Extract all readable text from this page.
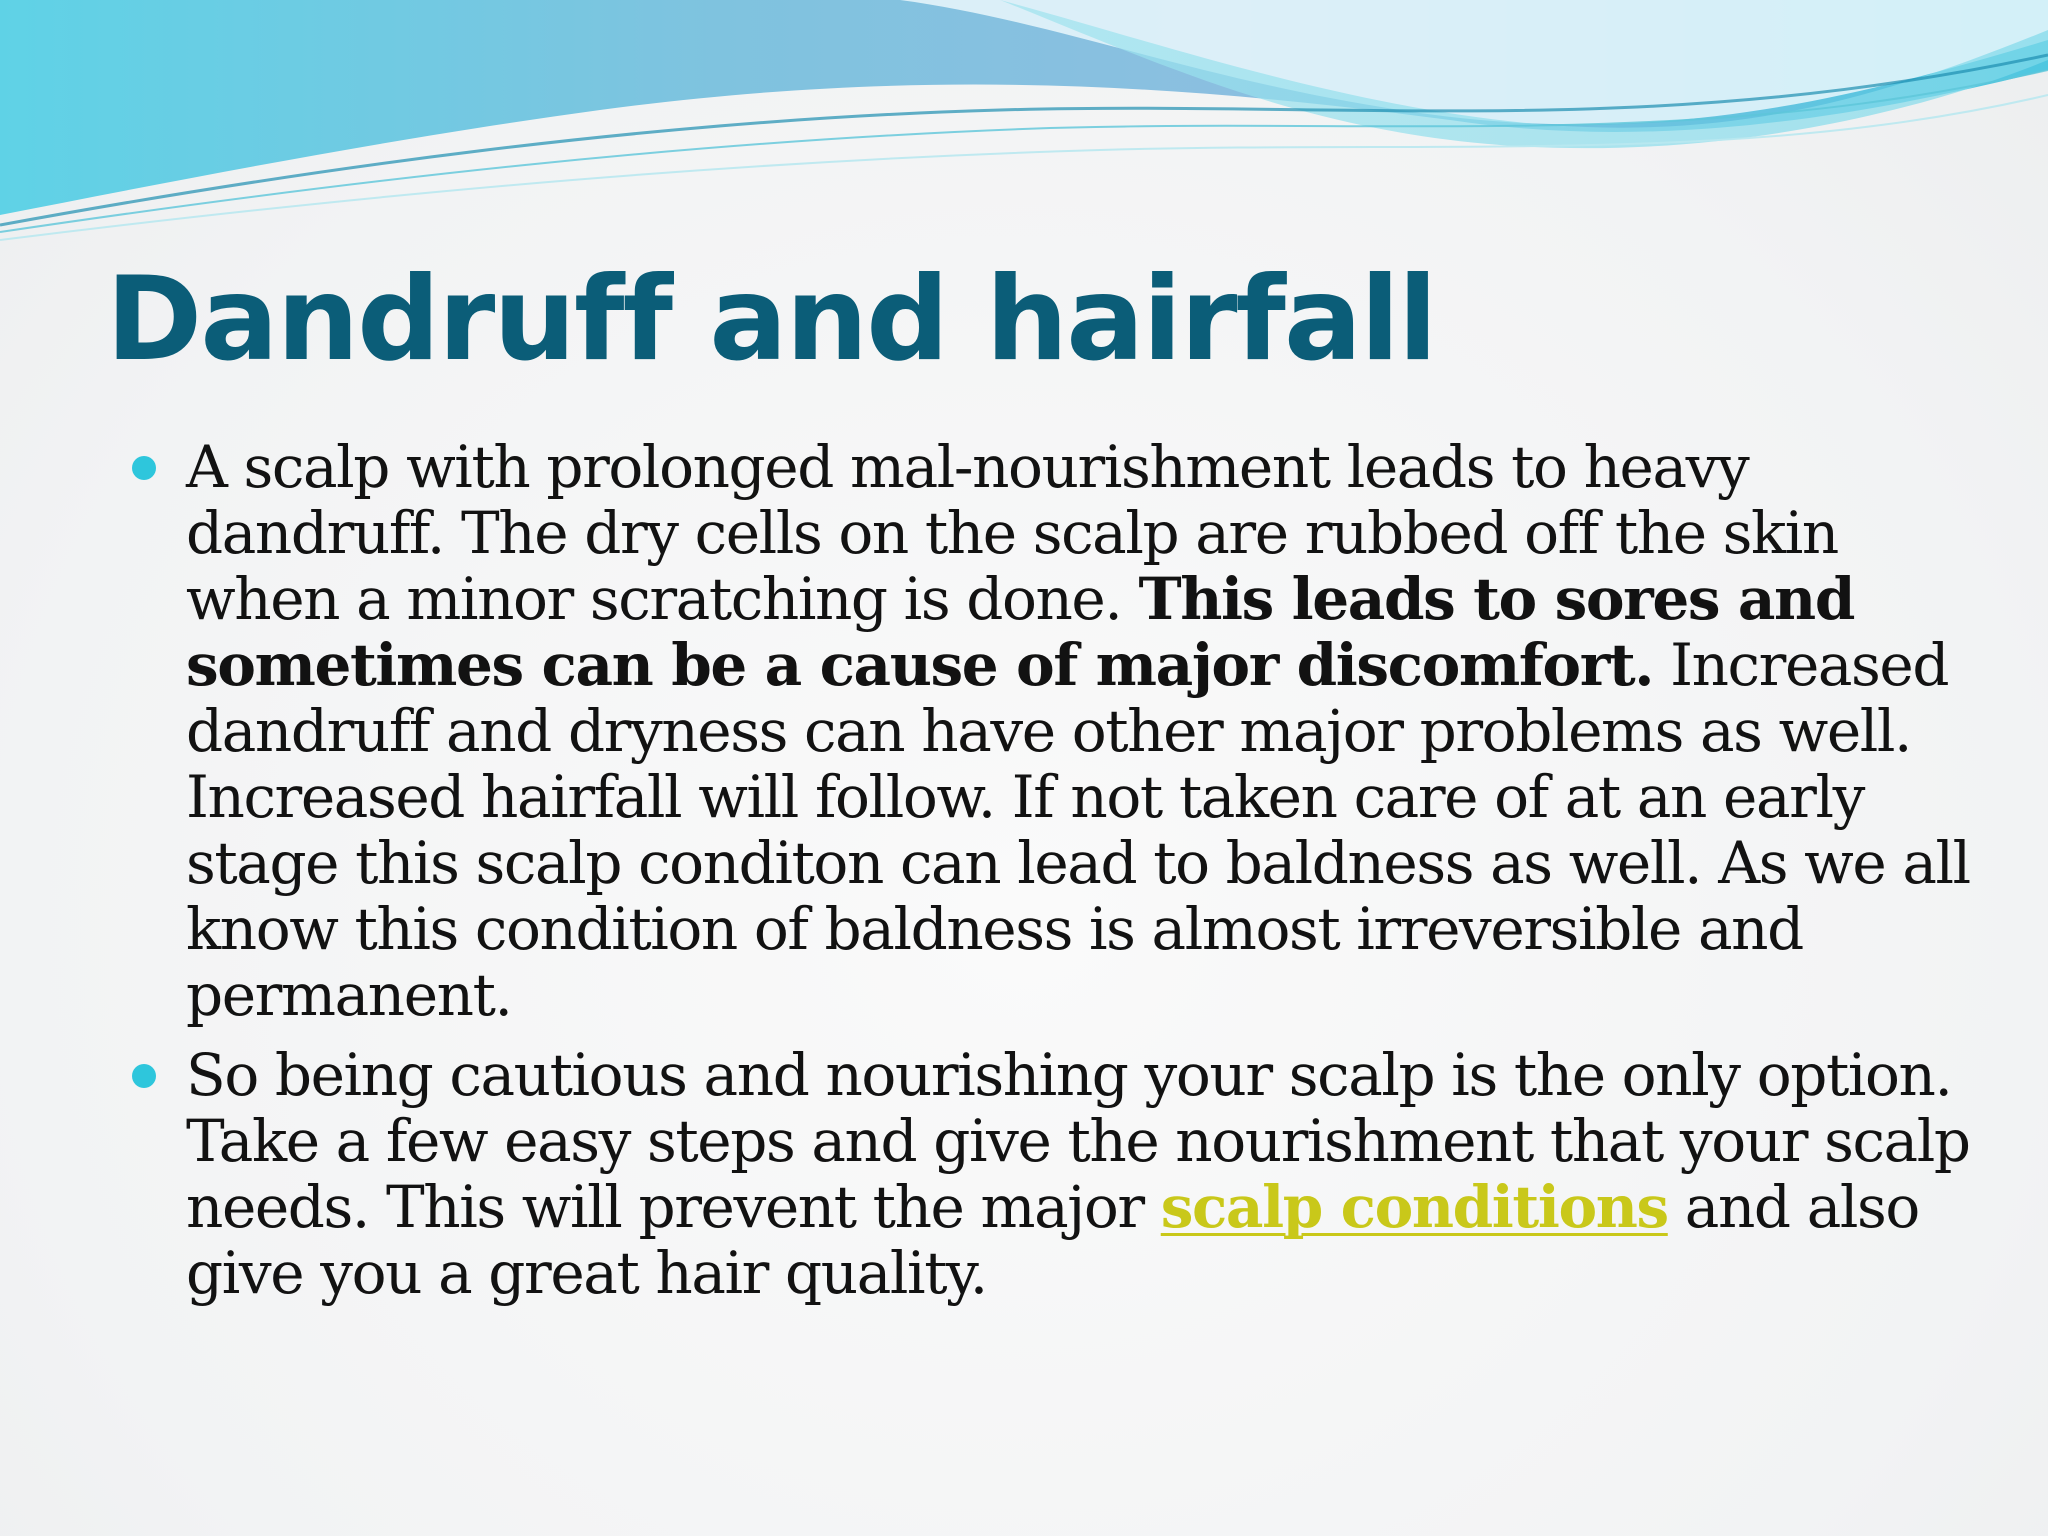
Dandruff and hairfall
A scalp with prolonged mal-nourishment leads to heavy dandruff. The dry cells on the scalp are rubbed off the skin when a minor scratching is done. This leads to sores and sometimes can be a cause of major discomfort. Increased dandruff and dryness can have other major problems as well. Increased hairfall will follow. If not taken care of at an early stage this scalp conditon can lead to baldness as well. As we all know this condition of baldness is almost irreversible and permanent.
So being cautious and nourishing your scalp is the only option. Take a few easy steps and give the nourishment that your scalp needs. This will prevent the major scalp conditions and also give you a great hair quality.
